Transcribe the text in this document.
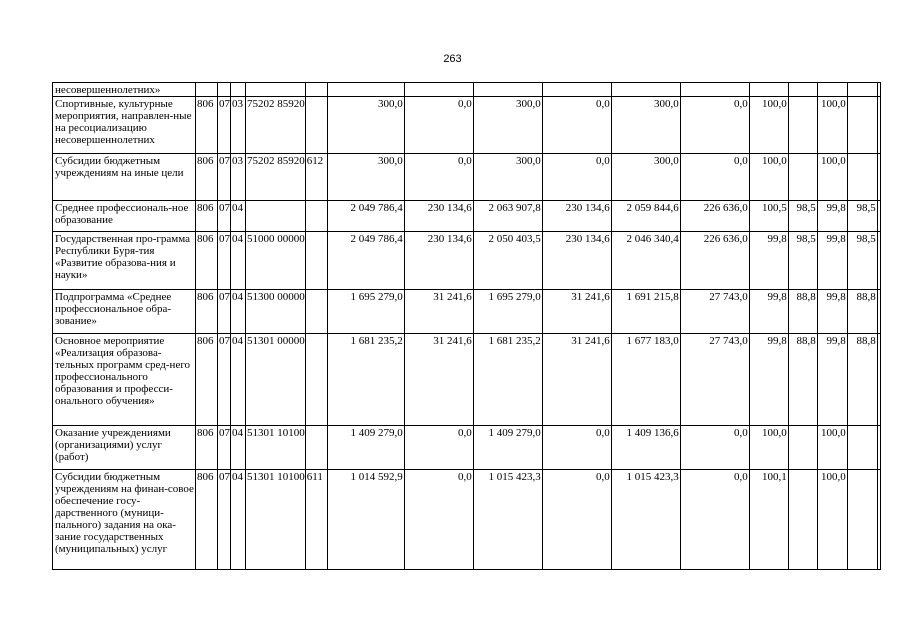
263
несовершеннолетних»																
Спортивные, культурные мероприятия, направлен-ные на ресоциализацию несовершеннолетних	806	07	03	75202 85920		300,0	0,0	300,0	0,0	300,0	0,0	100,0		100,0		
Субсидии бюджетным учреждениям на иные цели	806	07	03	75202 85920	612	300,0	0,0	300,0	0,0	300,0	0,0	100,0		100,0		
Среднее профессиональ-ное образование	806	07	04			2 049 786,4	230 134,6	2 063 907,8	230 134,6	2 059 844,6	226 636,0	100,5	98,5	99,8	98,5	
Государственная про-грамма Республики Буря-тия «Развитие образова-ния и науки»	806	07	04	51000 00000		2 049 786,4	230 134,6	2 050 403,5	230 134,6	2 046 340,4	226 636,0	99,8	98,5	99,8	98,5	
Подпрограмма «Среднее профессиональное обра-зование»	806	07	04	51300 00000		1 695 279,0	31 241,6	1 695 279,0	31 241,6	1 691 215,8	27 743,0	99,8	88,8	99,8	88,8	
Основное мероприятие «Реализация образова-тельных программ сред-него профессионального образования и професси-онального обучения»	806	07	04	51301 00000		1 681 235,2	31 241,6	1 681 235,2	31 241,6	1 677 183,0	27 743,0	99,8	88,8	99,8	88,8	
Оказание учреждениями (организациями) услуг (работ)	806	07	04	51301 10100		1 409 279,0	0,0	1 409 279,0	0,0	1 409 136,6	0,0	100,0		100,0		
Субсидии бюджетным учреждениям на финан-совое обеспечение госу-дарственного (муници-пального) задания на ока-зание государственных (муниципальных) услуг	806	07	04	51301 10100	611	1 014 592,9	0,0	1 015 423,3	0,0	1 015 423,3	0,0	100,1		100,0		
